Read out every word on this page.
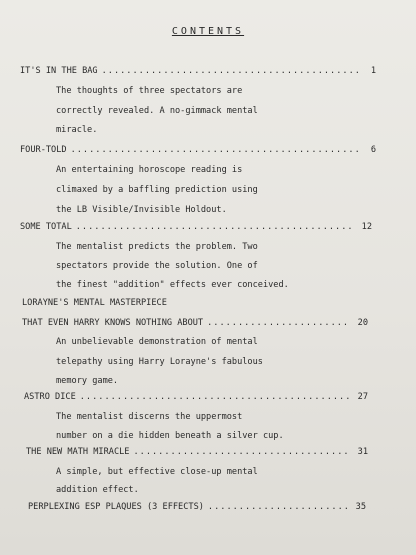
CONTENTS
IT'S IN THE BAG .....	1
The thoughts of three spectators are
correctly revealed. A no-gimmack mental
miracle.
FOUR-TOLD .....	6
An entertaining horoscope reading is
climaxed by a baffling prediction using
the LB Visible/Invisible Holdout.
SOME TOTAL .....	12
The mentalist predicts the problem. Two
spectators provide the solution. One of
the finest "addition" effects ever conceived.
LORAYNE'S MENTAL MASTERPIECE
THAT EVEN HARRY KNOWS NOTHING ABOUT .....	20
An unbelievable demonstration of mental
telepathy using Harry Lorayne's fabulous
memory game.
ASTRO DICE .....	27
The mentalist discerns the uppermost
number on a die hidden beneath a silver cup.
THE NEW MATH MIRACLE .....	31
A simple, but effective close-up mental
addition effect.
PERPLEXING ESP PLAQUES (3 EFFECTS) .....	35
